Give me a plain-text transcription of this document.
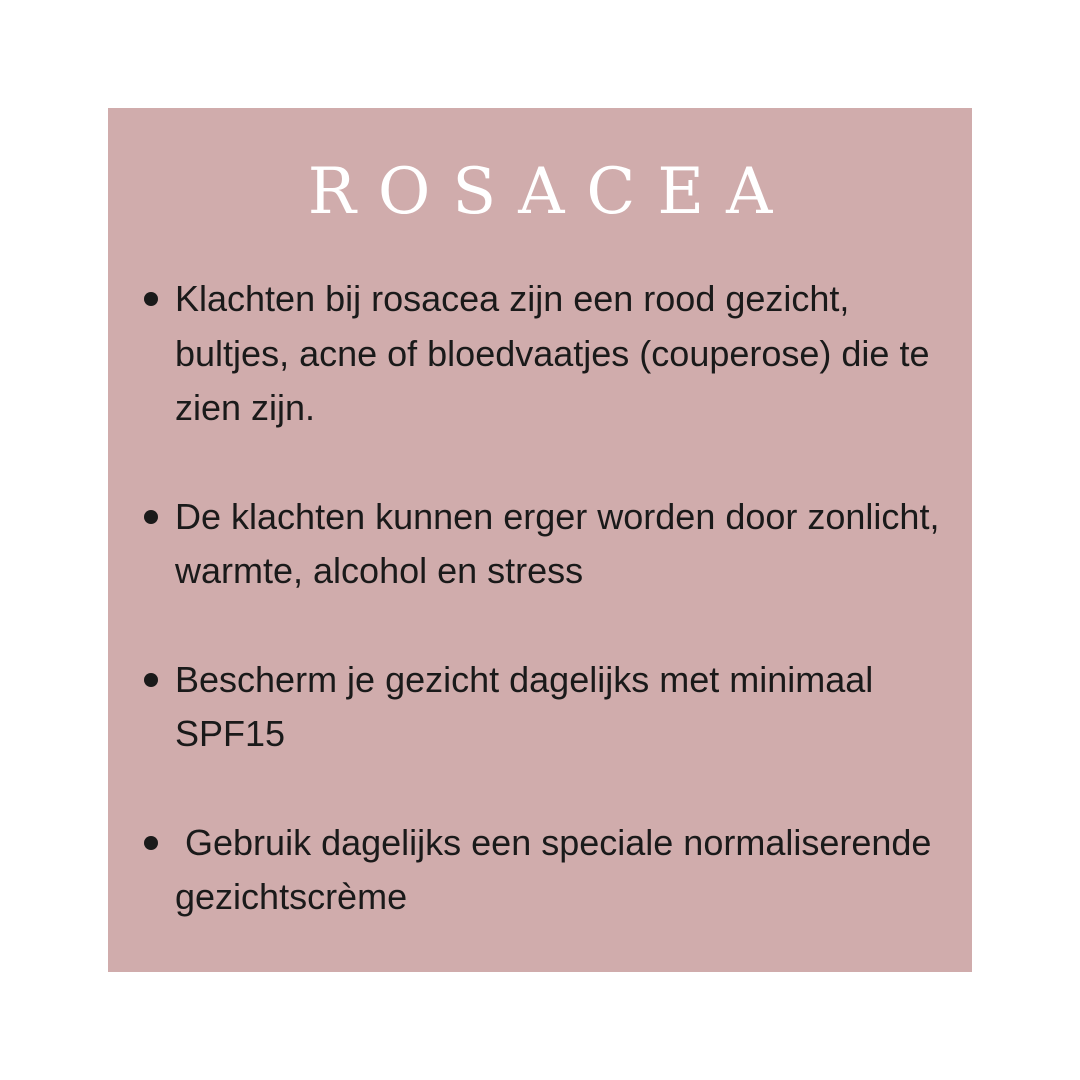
ROSACEA
Klachten bij rosacea zijn een rood gezicht, bultjes, acne of bloedvaatjes (couperose) die te zien zijn.
De klachten kunnen erger worden door zonlicht, warmte, alcohol en stress
Bescherm je gezicht dagelijks met minimaal SPF15
Gebruik dagelijks een speciale normaliserende gezichtscrème
